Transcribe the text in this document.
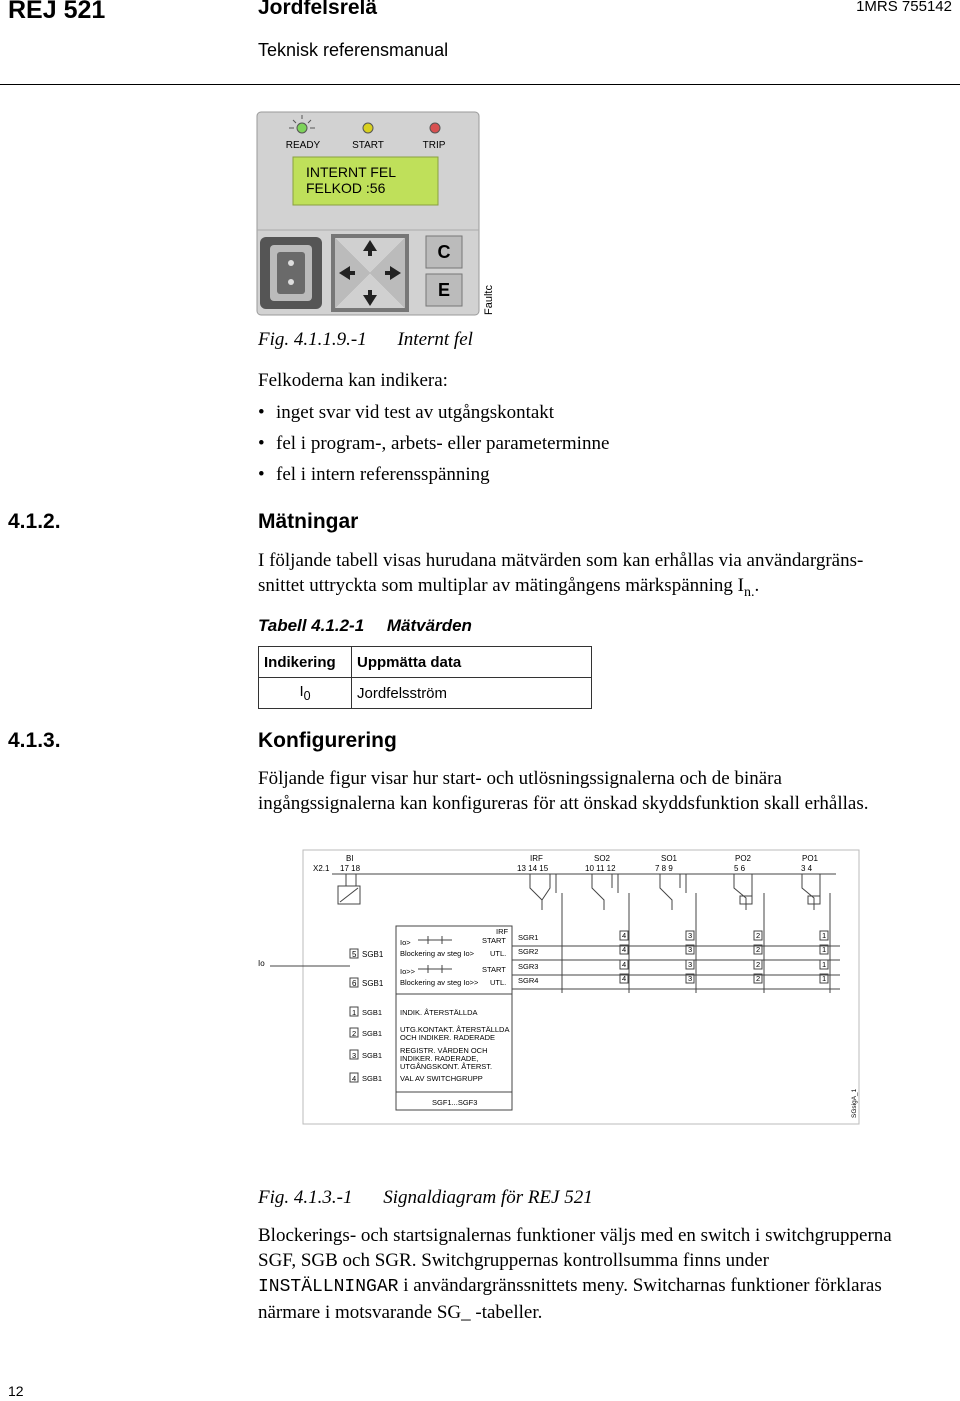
REJ 521	Jordfelsrelä	1MRS 755142
Teknisk referensmanual
READY	START	TRIP
INTERNT FEL
FELKOD :56
C
E	Faultc
Fig. 4.1.1.9.-1 Internt fel
Felkoderna kan indikera:
• inget svar vid test av utgångskontakt
• fel i program-, arbets- eller parameterminne
• fel i intern referensspänning
4.1.2.	Mätningar
I följande tabell visas hurudana mätvärden som kan erhållas via användargräns-
snittet uttryckta som multiplar av mätingångens märkspänning $I_{n.}$.
Tabell 4.1.2-1 Mätvärden
Indikering	Uppmätta data
$I_0$	Jordfelsström
4.1.3.	Konfigurering
Följande figur visar hur start- och utlösningssignalerna och de binära
ingångssignalerna kan konfigureras för att önskad skyddsfunktion skall erhållas.
BI
X2.1 17 18
IRF
13 14 15
SO2
10 11 12
SO1
7 8 9
PO2
5 6
PO1
3 4
Io
5 SGB1
6 SGB1
IRF
START
Io>
Blockering av steg Io> UTL.
START
Io>>
Blockering av steg Io>> UTL.
SGR1
SGR2
SGR3
SGR4
4	3	2	1
4	3	2	1
4	3	2	1
4	3	2	1
1 SGB1 INDIK. ÅTERSTÄLLDA
2 SGB1 UTG.KONTAKT. ÅTERSTÄLLDA
OCH INDIKER. RADERADE
3 SGB1
REGISTR. VÄRDEN OCH
INDIKER. RADERADE,
UTGÅNGSKONT. ÅTERST.
4 SGB1 VAL AV SWITCHGRUPP
SGF1...SGF3	SGsigA_1
Fig. 4.1.3.-1 Signaldiagram för REJ 521
Blockerings- och startsignalernas funktioner väljs med en switch i switchgrupperna
SGF, SGB och SGR. Switchgruppernas kontrollsumma finns under
INSTÄLLNINGAR i användargränssnittets meny. Switcharnas funktioner förklaras
närmare i motsvarande SG_ -tabeller.
12
